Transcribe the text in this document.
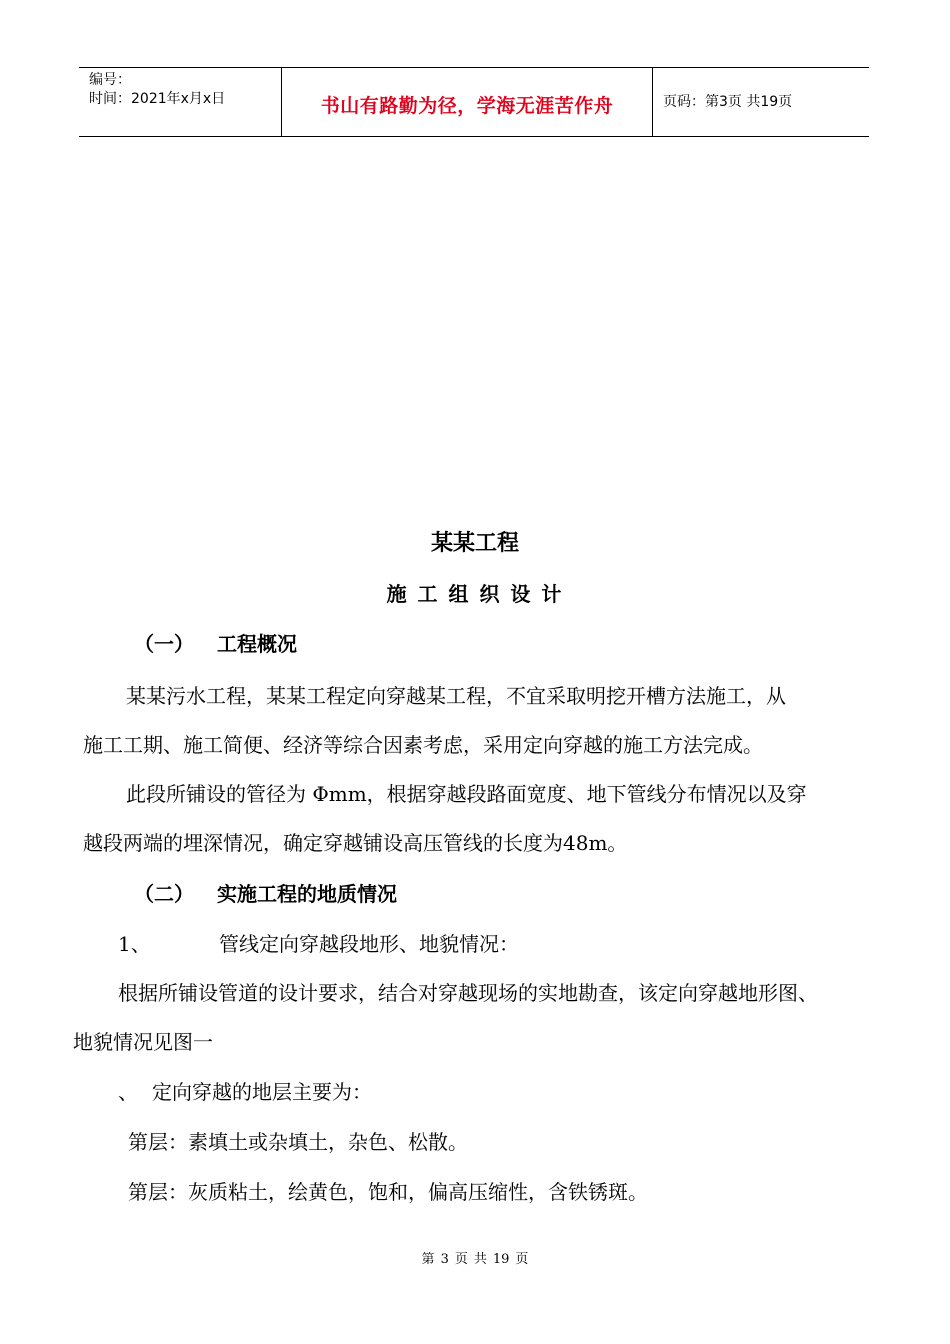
编号：
时间：2021年x月x日	书山有路勤为径，学海无涯苦作舟	页码：第3页 共19页
某某工程
施 工 组 织 设 计
（一） 工程概况
某某污水工程，某某工程定向穿越某工程，不宜采取明挖开槽方法施工，从
施工工期、施工简便、经济等综合因素考虑，采用定向穿越的施工方法完成。
此段所铺设的管径为 Φmm，根据穿越段路面宽度、地下管线分布情况以及穿
越段两端的埋深情况，确定穿越铺设高压管线的长度为48m。
（二） 实施工程的地质情况
1、	管线定向穿越段地形、地貌情况：
根据所铺设管道的设计要求，结合对穿越现场的实地勘查，该定向穿越地形图、
地貌情况见图一
、 定向穿越的地层主要为：
第层：素填土或杂填土，杂色、松散。
第层：灰质粘土，绘黄色，饱和，偏高压缩性，含铁锈斑。
第 3 页 共 19 页
